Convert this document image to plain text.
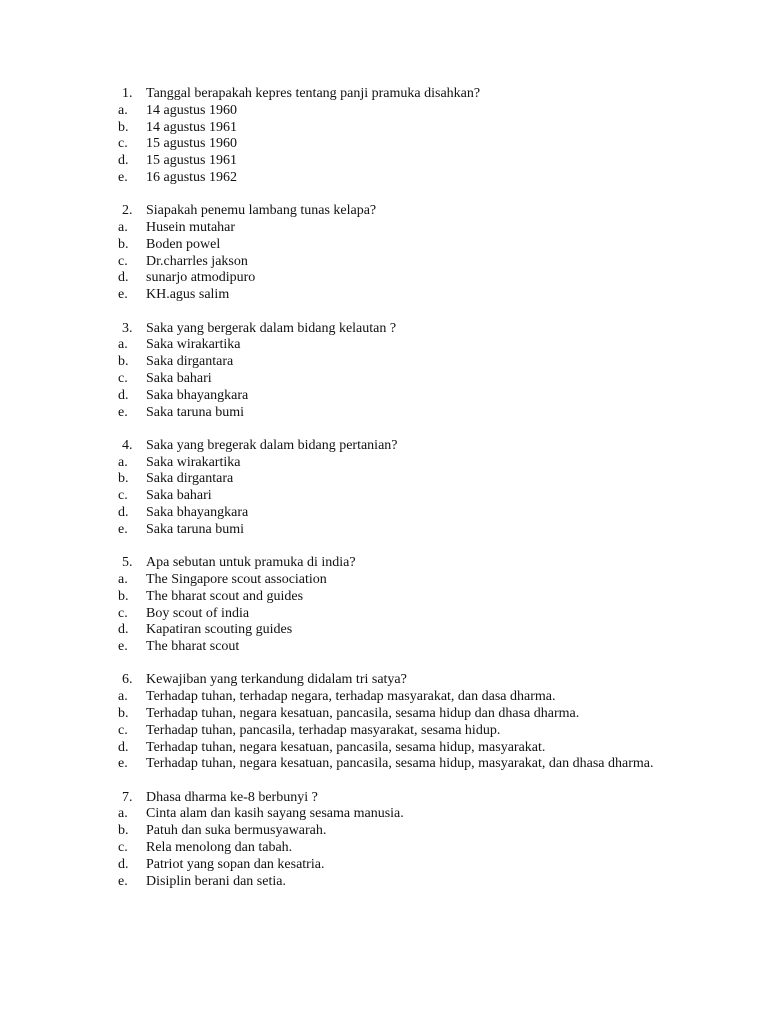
1. Tanggal berapakah kepres tentang panji pramuka disahkan?
a.	14 agustus 1960
b.	14 agustus 1961
c.	15 agustus 1960
d.	15 agustus 1961
e.	16 agustus 1962
2. Siapakah penemu lambang tunas kelapa?
a.	Husein mutahar
b.	Boden powel
c.	Dr.charrles jakson
d.	sunarjo atmodipuro
e.	KH.agus salim
3. Saka yang bergerak dalam bidang kelautan ?
a.	Saka wirakartika
b.	Saka dirgantara
c.	Saka bahari
d.	Saka bhayangkara
e.	Saka taruna bumi
4. Saka yang bregerak dalam bidang pertanian?
a.	Saka wirakartika
b.	Saka dirgantara
c.	Saka bahari
d.	Saka bhayangkara
e.	Saka taruna bumi
5. Apa sebutan untuk pramuka di india?
a.	The Singapore scout association
b.	The bharat scout and guides
c.	Boy scout of india
d.	Kapatiran scouting guides
e.	The bharat scout
6. Kewajiban yang terkandung didalam tri satya?
a.	Terhadap tuhan, terhadap negara, terhadap masyarakat, dan dasa dharma.
b.	Terhadap tuhan, negara kesatuan, pancasila, sesama hidup dan dhasa dharma.
c.	Terhadap tuhan, pancasila, terhadap masyarakat, sesama hidup.
d.	Terhadap tuhan, negara kesatuan, pancasila, sesama hidup, masyarakat.
e. Terhadap tuhan, negara kesatuan, pancasila, sesama hidup, masyarakat, dan dhasa dharma.
7. Dhasa dharma ke-8 berbunyi ?
a.	Cinta alam dan kasih sayang sesama manusia.
b.	Patuh dan suka bermusyawarah.
c.	Rela menolong dan tabah.
d.	Patriot yang sopan dan kesatria.
e.	Disiplin berani dan setia.
